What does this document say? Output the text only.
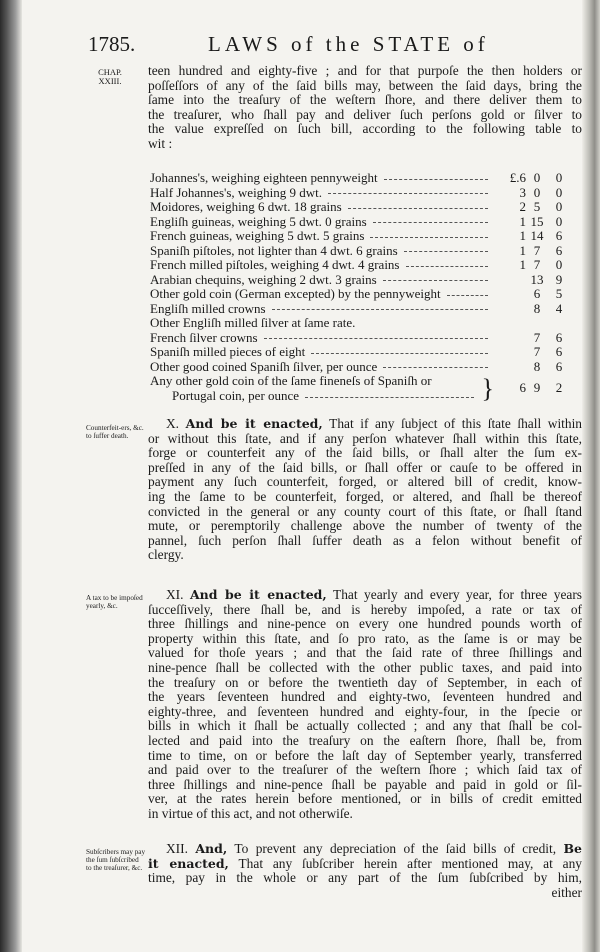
1785.	LAWS of the STATE of
CHAP.
XXIII.
teen hundred and eighty-five ; and for that purpoſe the then holders or
poſſeſſors of any of the ſaid bills may, between the ſaid days, bring the
ſame into the treaſury of the weſtern ſhore, and there deliver them to
the treaſurer, who ſhall pay and deliver ſuch perſons gold or ſilver to
the value expreſſed on ſuch bill, according to the following table to
wit :
Johannes's, weighing eighteen pennyweight	£.6 0	0
Half Johannes's, weighing 9 dwt.	3 0	0
Moidores, weighing 6 dwt. 18 grains	2 5	0
Engliſh guineas, weighing 5 dwt. 0 grains	1 15 0
French guineas, weighing 5 dwt. 5 grains	1 14 6
Spaniſh piſtoles, not lighter than 4 dwt. 6 grains	1 7	6
French milled piſtoles, weighing 4 dwt. 4 grains	1 7	0
Arabian chequins, weighing 2 dwt. 3 grains	13 9
Other gold coin (German excepted) by the pennyweight	6	5
Engliſh milled crowns	8	4
Other Engliſh milled ſilver at ſame rate.
French ſilver crowns	7	6
Spaniſh milled pieces of eight	7	6
Other good coined Spaniſh ſilver, per ounce	8	6
Any other gold coin of the ſame fineneſs of Spaniſh or
Portugal coin, per ounce	}	6 9	2
Counterfeit-ers, &c. to ſuffer death.
X. And be it enacted, That if any ſubject of this ſtate ſhall within
or without this ſtate, and if any perſon whatever ſhall within this ſtate,
forge or counterfeit any of the ſaid bills, or ſhall alter the ſum ex-
preſſed in any of the ſaid bills, or ſhall offer or cauſe to be offered in
payment any ſuch counterfeit, forged, or altered bill of credit, know-
ing the ſame to be counterfeit, forged, or altered, and ſhall be thereof
convicted in the general or any county court of this ſtate, or ſhall ſtand
mute, or peremptorily challenge above the number of twenty of the
pannel, ſuch perſon ſhall ſuffer death as a felon without benefit of
clergy.
A tax to be impoſed yearly, &c.
XI. And be it enacted, That yearly and every year, for three years
ſucceſſively, there ſhall be, and is hereby impoſed, a rate or tax of
three ſhillings and nine-pence on every one hundred pounds worth of
property within this ſtate, and ſo pro rato, as the ſame is or may be
valued for thoſe years ; and that the ſaid rate of three ſhillings and
nine-pence ſhall be collected with the other public taxes, and paid into
the treaſury on or before the twentieth day of September, in each of
the years ſeventeen hundred and eighty-two, ſeventeen hundred and
eighty-three, and ſeventeen hundred and eighty-four, in the ſpecie or
bills in which it ſhall be actually collected ; and any that ſhall be col-
lected and paid into the treaſury on the eaſtern ſhore, ſhall be, from
time to time, on or before the laſt day of September yearly, transferred
and paid over to the treaſurer of the weſtern ſhore ; which ſaid tax of
three ſhillings and nine-pence ſhall be payable and paid in gold or ſil-
ver, at the rates herein before mentioned, or in bills of credit emitted
in virtue of this act, and not otherwiſe.
Subſcribers may pay the ſum ſubſcribed to the treaſurer, &c.
XII. And, To prevent any depreciation of the ſaid bills of credit, Be
it enacted, That any ſubſcriber herein after mentioned may, at any
time, pay in the whole or any part of the ſum ſubſcribed by him,
either
